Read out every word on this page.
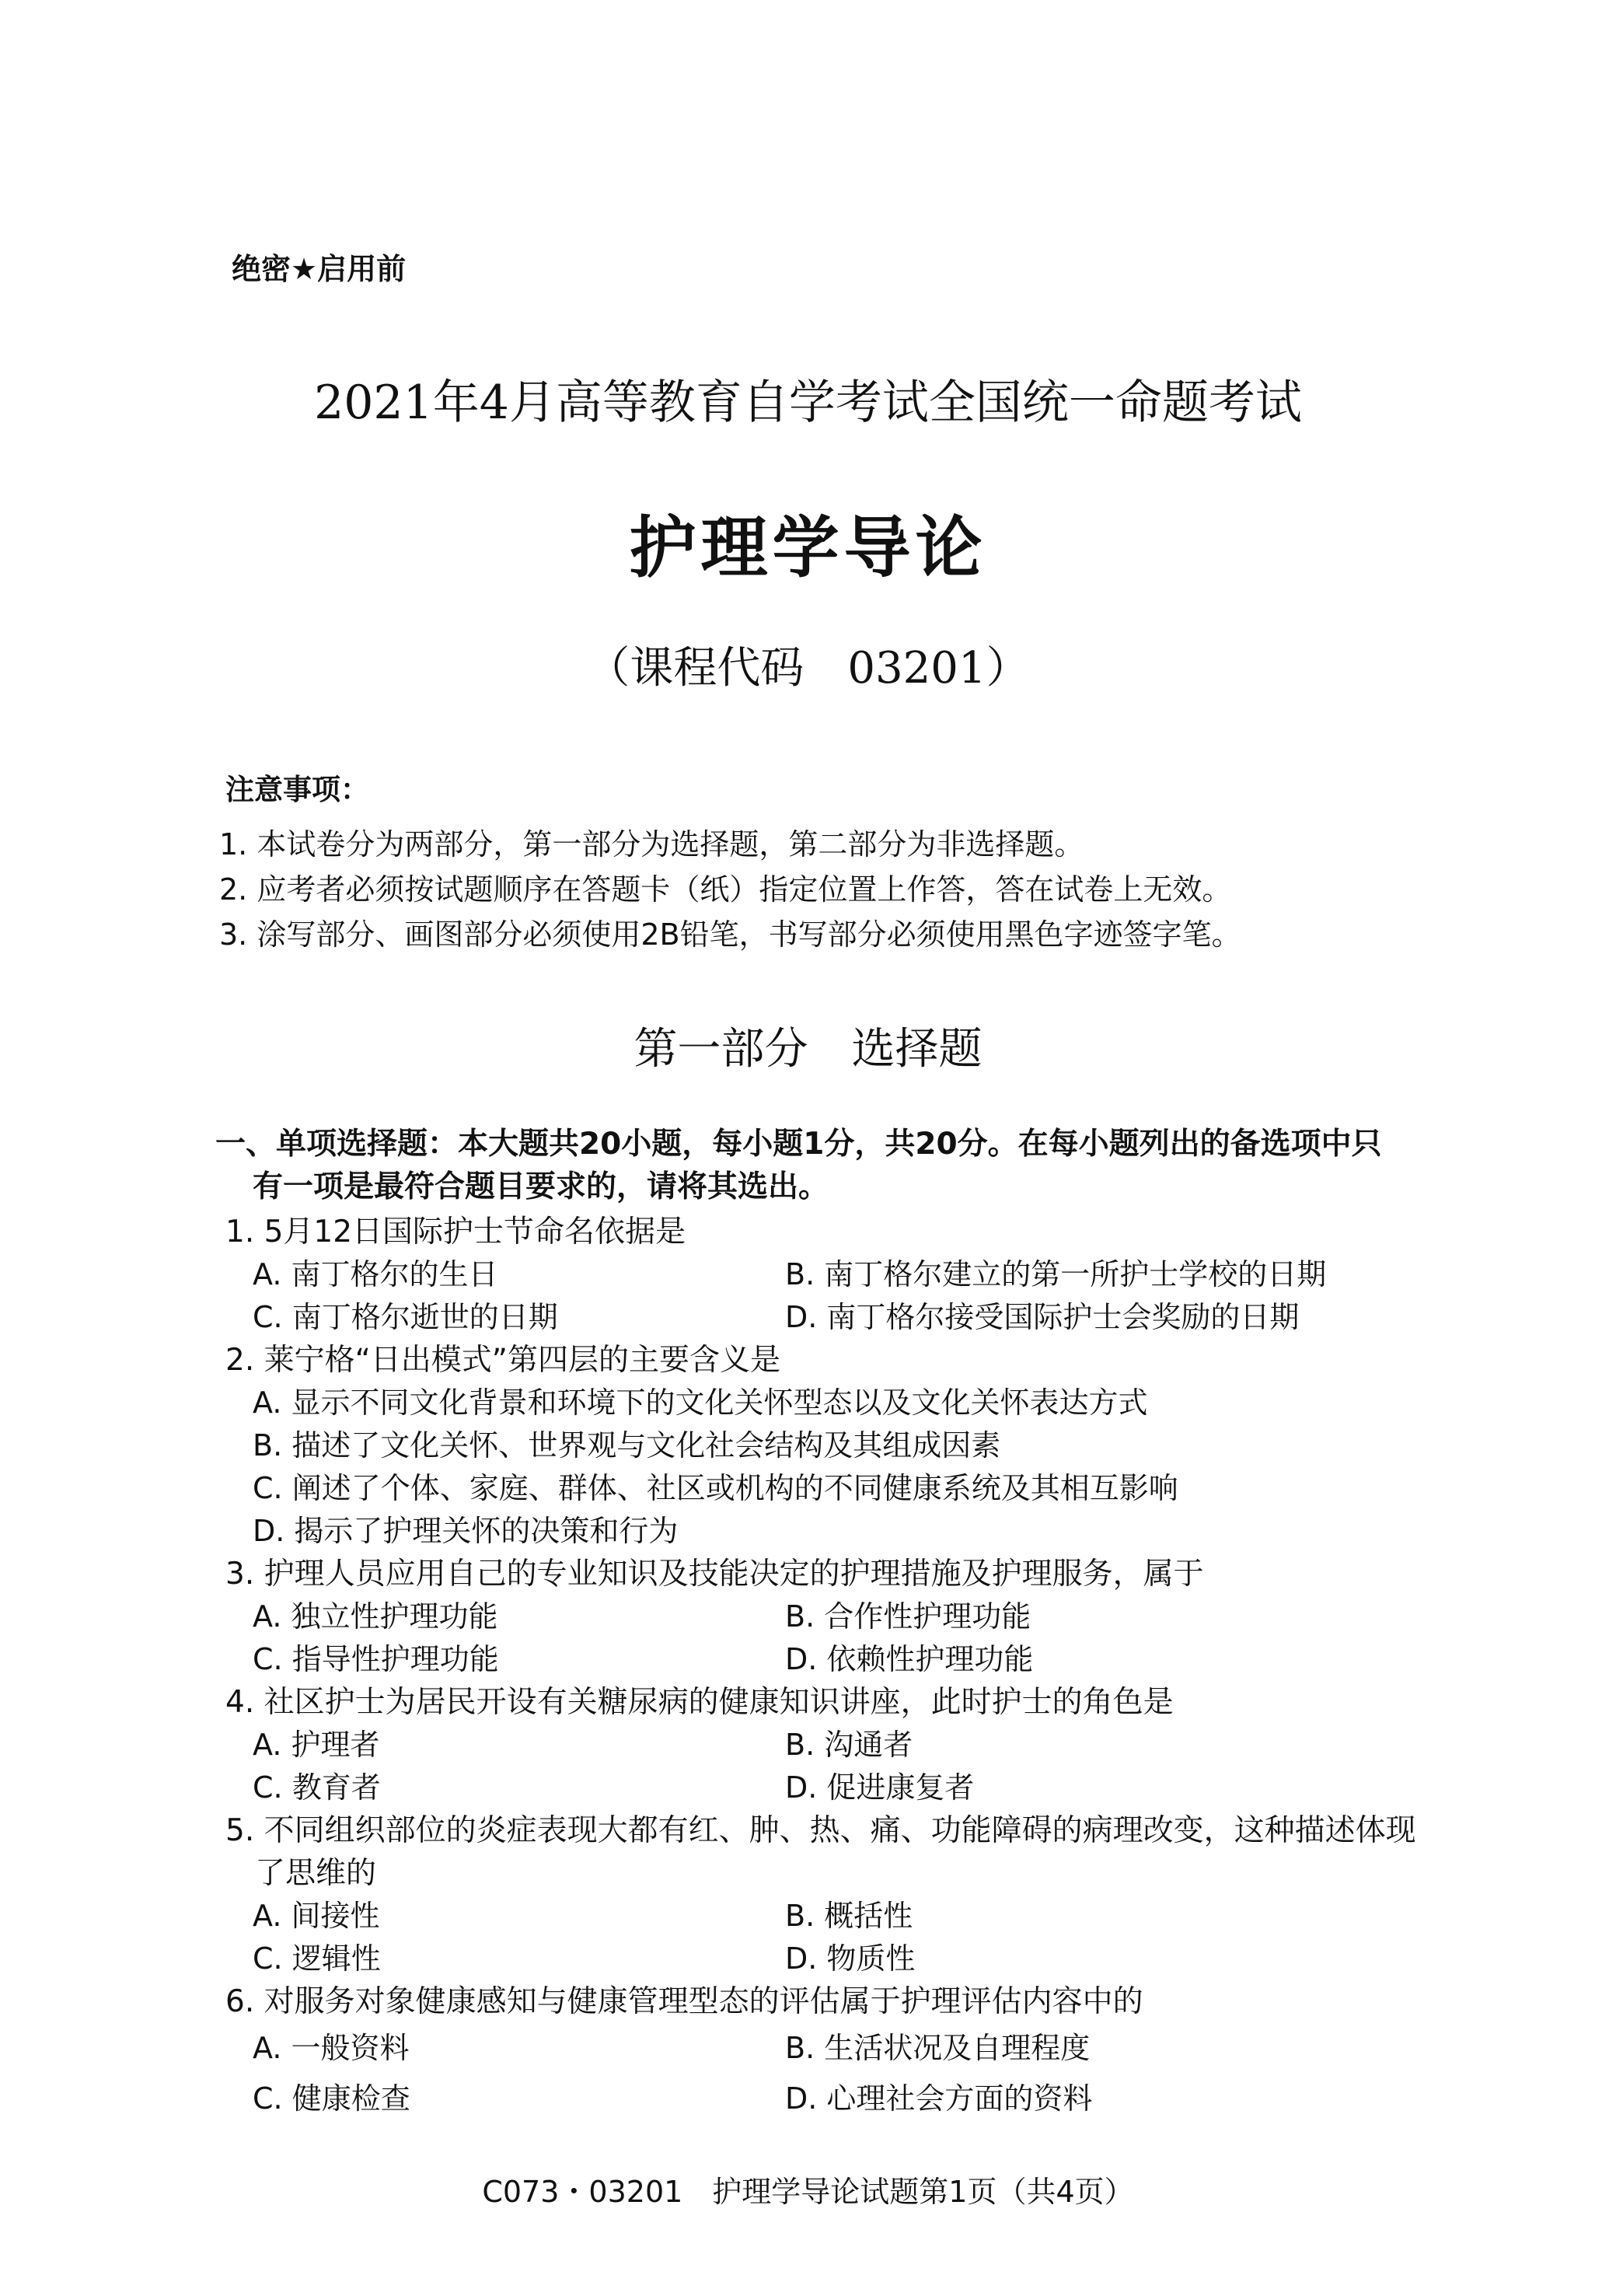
绝密★启用前
2021年4月高等教育自学考试全国统一命题考试
护理学导论
（课程代码　03201）
注意事项：
1. 本试卷分为两部分，第一部分为选择题，第二部分为非选择题。
2. 应考者必须按试题顺序在答题卡（纸）指定位置上作答，答在试卷上无效。
3. 涂写部分、画图部分必须使用2B铅笔，书写部分必须使用黑色字迹签字笔。
第一部分　选择题
一、单项选择题：本大题共20小题，每小题1分，共20分。在每小题列出的备选项中只
有一项是最符合题目要求的，请将其选出。
1. 5月12日国际护士节命名依据是
A. 南丁格尔的生日	B. 南丁格尔建立的第一所护士学校的日期
C. 南丁格尔逝世的日期	D. 南丁格尔接受国际护士会奖励的日期
2. 莱宁格“日出模式”第四层的主要含义是
A. 显示不同文化背景和环境下的文化关怀型态以及文化关怀表达方式
B. 描述了文化关怀、世界观与文化社会结构及其组成因素
C. 阐述了个体、家庭、群体、社区或机构的不同健康系统及其相互影响
D. 揭示了护理关怀的决策和行为
3. 护理人员应用自己的专业知识及技能决定的护理措施及护理服务，属于
A. 独立性护理功能	B. 合作性护理功能
C. 指导性护理功能	D. 依赖性护理功能
4. 社区护士为居民开设有关糖尿病的健康知识讲座，此时护士的角色是
A. 护理者	B. 沟通者
C. 教育者	D. 促进康复者
5. 不同组织部位的炎症表现大都有红、肿、热、痛、功能障碍的病理改变，这种描述体现
了思维的
A. 间接性	B. 概括性
C. 逻辑性	D. 物质性
6. 对服务对象健康感知与健康管理型态的评估属于护理评估内容中的
A. 一般资料	B. 生活状况及自理程度
C. 健康检查	D. 心理社会方面的资料
C073・03201　护理学导论试题第1页（共4页）
